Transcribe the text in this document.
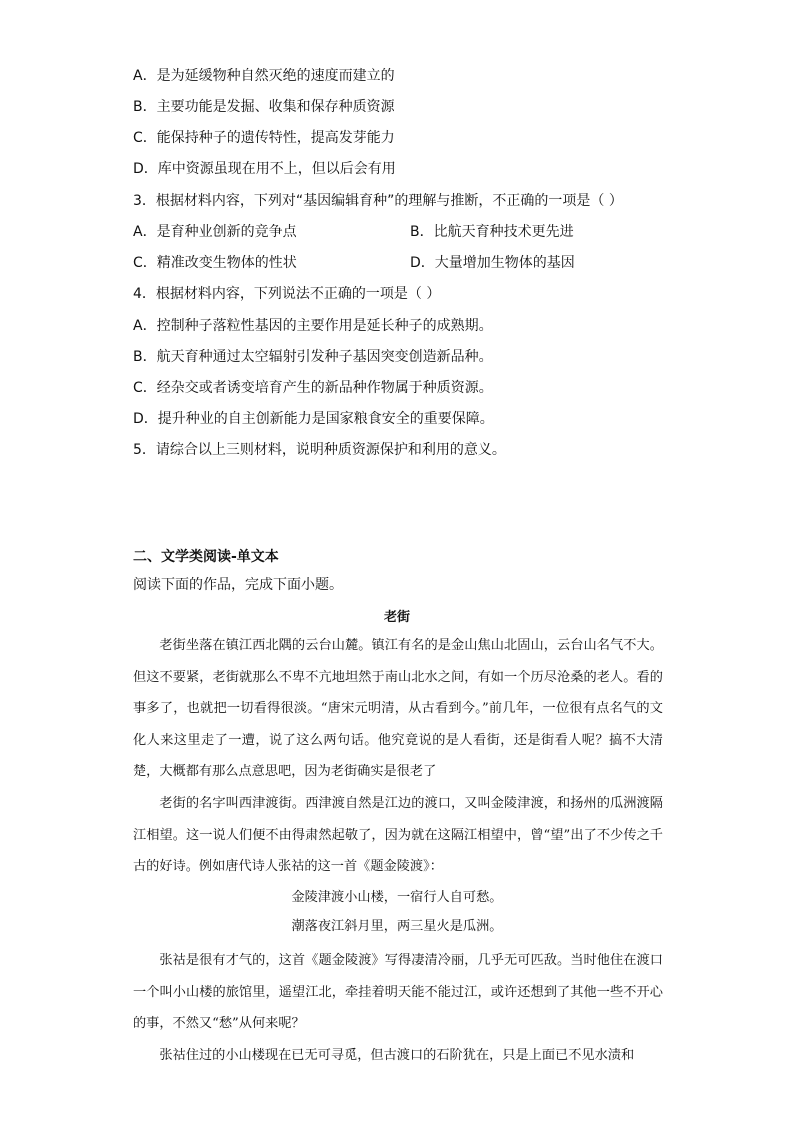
A．是为延缓物种自然灭绝的速度而建立的
B．主要功能是发掘、收集和保存种质资源
C．能保持种子的遗传特性，提高发芽能力
D．库中资源虽现在用不上，但以后会有用
3．根据材料内容，下列对“基因编辑育种”的理解与推断，不正确的一项是（ ）
A．是育种业创新的竞争点	B．比航天育种技术更先进
C．精准改变生物体的性状	D．大量增加生物体的基因
4．根据材料内容，下列说法不正确的一项是（ ）
A．控制种子落粒性基因的主要作用是延长种子的成熟期。
B．航天育种通过太空辐射引发种子基因突变创造新品种。
C．经杂交或者诱变培育产生的新品种作物属于种质资源。
D．提升种业的自主创新能力是国家粮食安全的重要保障。
5．请综合以上三则材料，说明种质资源保护和利用的意义。
二、文学类阅读-单文本
阅读下面的作品，完成下面小题。
老街
老街坐落在镇江西北隅的云台山麓。镇江有名的是金山焦山北固山，云台山名气不大。但这不要紧，老街就那么不卑不亢地坦然于南山北水之间，有如一个历尽沧桑的老人。看的事多了，也就把一切看得很淡。“唐宋元明清，从古看到今。”前几年，一位很有点名气的文化人来这里走了一遭，说了这么两句话。他究竟说的是人看街，还是街看人呢？搞不大清楚，大概都有那么点意思吧，因为老街确实是很老了
老街的名字叫西津渡街。西津渡自然是江边的渡口，又叫金陵津渡，和扬州的瓜洲渡隔江相望。这一说人们便不由得肃然起敬了，因为就在这隔江相望中，曾“望”出了不少传之千古的好诗。例如唐代诗人张祜的这一首《题金陵渡》：
金陵津渡小山楼，一宿行人自可愁。
潮落夜江斜月里，两三星火是瓜洲。
张祜是很有才气的，这首《题金陵渡》写得凄清冷丽，几乎无可匹敌。当时他住在渡口一个叫小山楼的旅馆里，遥望江北，牵挂着明天能不能过江，或许还想到了其他一些不开心的事，不然又“愁”从何来呢？
张祜住过的小山楼现在已无可寻觅，但古渡口的石阶犹在，只是上面已不见水渍和
